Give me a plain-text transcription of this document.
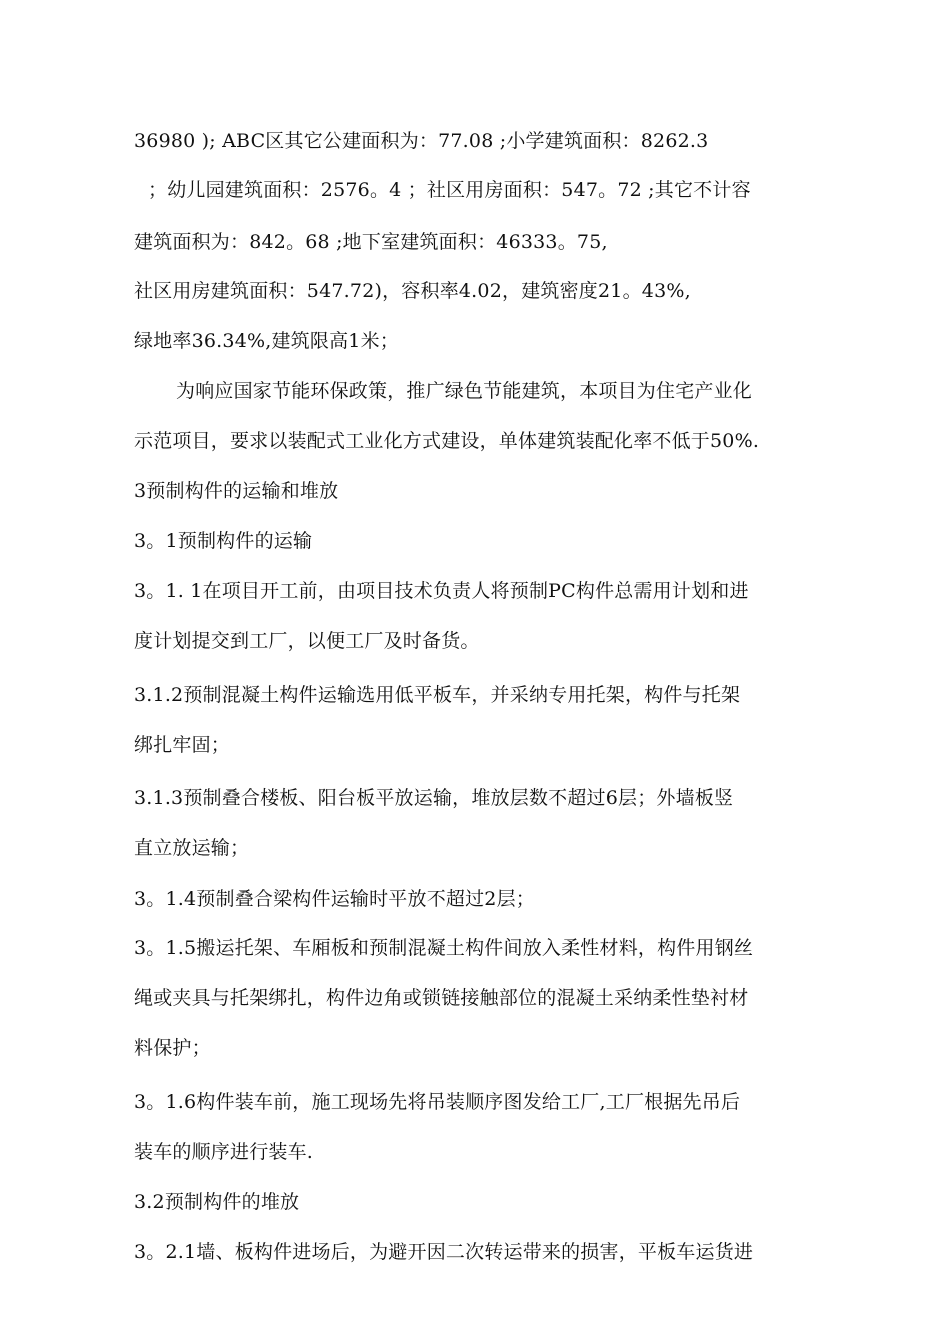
36980 ); ABC区其它公建面积为：77.08 ;小学建筑面积：8262.3
；幼儿园建筑面积：2576。4 ；社区用房面积：547。72 ;其它不计容
建筑面积为：842。68 ;地下室建筑面积：46333。75,
社区用房建筑面积：547.72)，容积率4.02，建筑密度21。43%,
绿地率36.34%,建筑限高1米；
为响应国家节能环保政策，推广绿色节能建筑，本项目为住宅产业化
示范项目，要求以装配式工业化方式建设，单体建筑装配化率不低于50%.
3预制构件的运输和堆放
3。1预制构件的运输
3。1. 1在项目开工前，由项目技术负责人将预制PC构件总需用计划和进
度计划提交到工厂，以便工厂及时备货。
3.1.2预制混凝土构件运输选用低平板车，并采纳专用托架，构件与托架
绑扎牢固；
3.1.3预制叠合楼板、阳台板平放运输，堆放层数不超过6层；外墙板竖
直立放运输；
3。1.4预制叠合梁构件运输时平放不超过2层；
3。1.5搬运托架、车厢板和预制混凝土构件间放入柔性材料，构件用钢丝
绳或夹具与托架绑扎，构件边角或锁链接触部位的混凝土采纳柔性垫衬材
料保护；
3。1.6构件装车前，施工现场先将吊装顺序图发给工厂,工厂根据先吊后
装车的顺序进行装车.
3.2预制构件的堆放
3。2.1墙、板构件进场后，为避开因二次转运带来的损害，平板车运货进
